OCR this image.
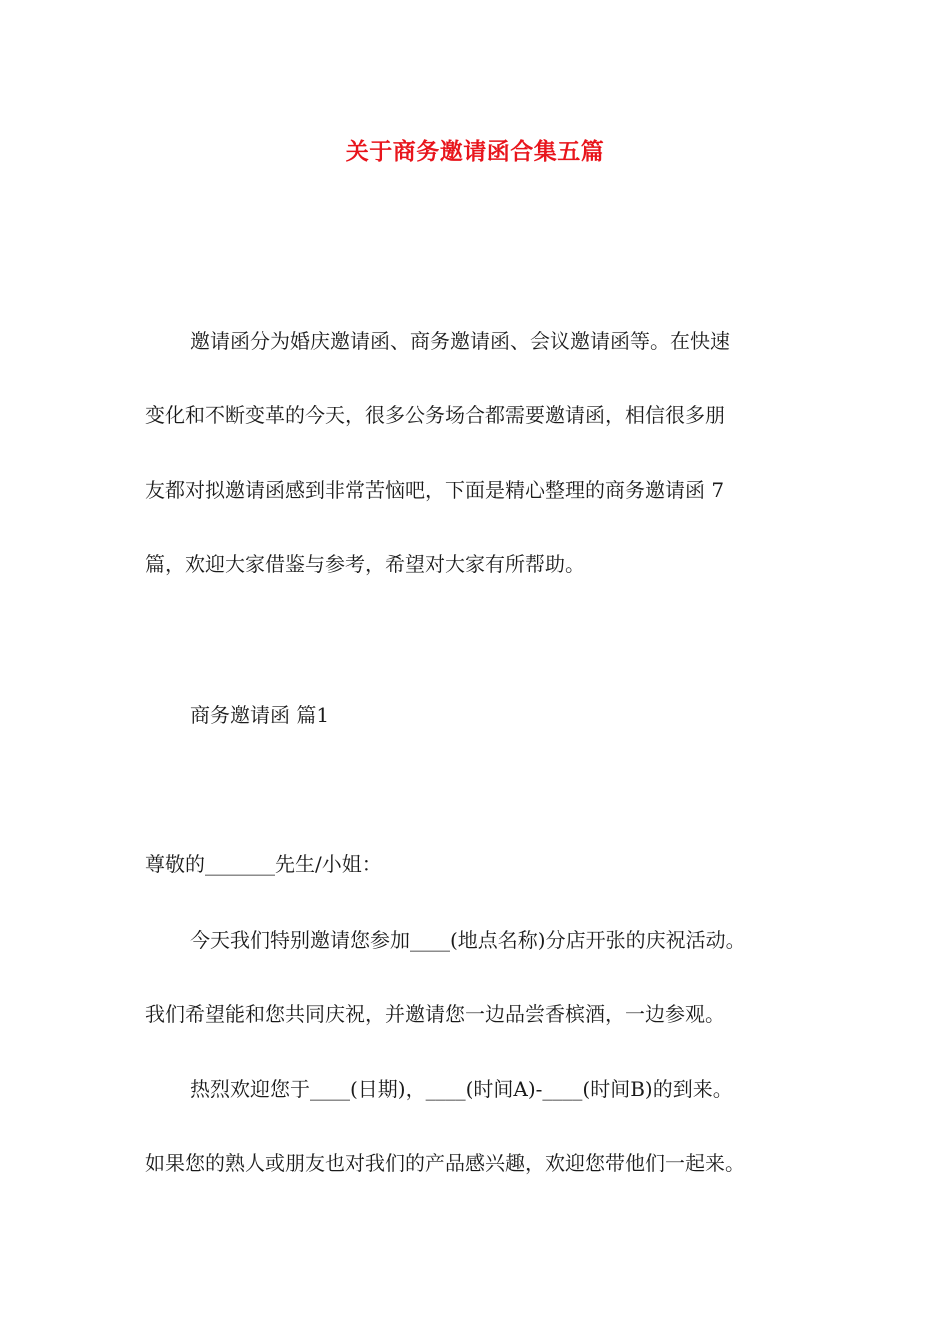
关于商务邀请函合集五篇
邀请函分为婚庆邀请函、商务邀请函、会议邀请函等。在快速
变化和不断变革的今天，很多公务场合都需要邀请函，相信很多朋
友都对拟邀请函感到非常苦恼吧，下面是精心整理的商务邀请函 7
篇，欢迎大家借鉴与参考，希望对大家有所帮助。
商务邀请函 篇1
尊敬的_______先生/小姐：
今天我们特别邀请您参加____(地点名称)分店开张的庆祝活动。
我们希望能和您共同庆祝，并邀请您一边品尝香槟酒，一边参观。
热烈欢迎您于____(日期)，____(时间A)-____(时间B)的到来。
如果您的熟人或朋友也对我们的产品感兴趣，欢迎您带他们一起来。
